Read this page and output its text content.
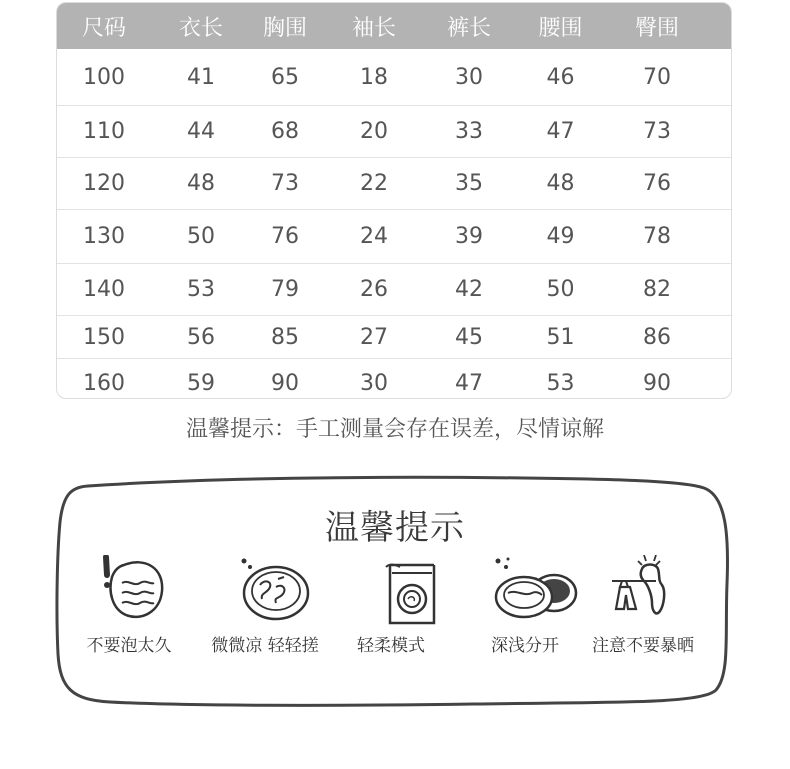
尺码	衣长	胸围	袖长	裤长	腰围	臀围
100	41	65	18	30	46	70
110	44	68	20	33	47	73
120	48	73	22	35	48	76
130	50	76	24	39	49	78
140	53	79	26	42	50	82
150	56	85	27	45	51	86
160	59	90	30	47	53	90
温馨提示：手工测量会存在误差，尽情谅解
温馨提示
不要泡太久	微微凉 轻轻搓	轻柔模式	深浅分开	注意不要暴晒
